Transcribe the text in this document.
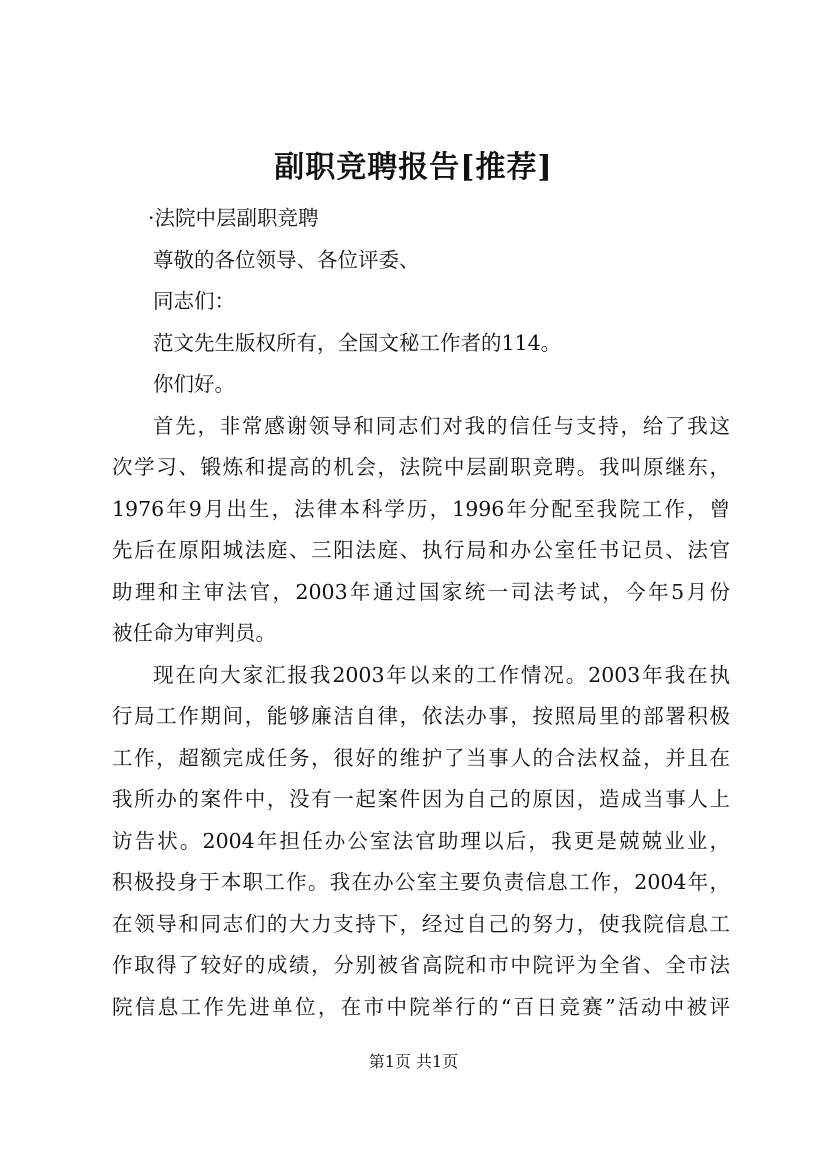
副职竞聘报告[推荐]

·法院中层副职竞聘

尊敬的各位领导、各位评委、

同志们：

范文先生版权所有，全国文秘工作者的114。

你们好。

首先，非常感谢领导和同志们对我的信任与支持，给了我这

次学习、锻炼和提高的机会，法院中层副职竞聘。我叫原继东，

1976年9月出生，法律本科学历，1996年分配至我院工作，曾

先后在原阳城法庭、三阳法庭、执行局和办公室任书记员、法官

助理和主审法官，2003年通过国家统一司法考试，今年5月份

被任命为审判员。

现在向大家汇报我2003年以来的工作情况。2003年我在执

行局工作期间，能够廉洁自律，依法办事，按照局里的部署积极

工作，超额完成任务，很好的维护了当事人的合法权益，并且在

我所办的案件中，没有一起案件因为自己的原因，造成当事人上

访告状。2004年担任办公室法官助理以后，我更是兢兢业业，

积极投身于本职工作。我在办公室主要负责信息工作，2004年，

在领导和同志们的大力支持下，经过自己的努力，使我院信息工

作取得了较好的成绩，分别被省高院和市中院评为全省、全市法

院信息工作先进单位，在市中院举行的“百日竞赛”活动中被评

第1页 共1页
